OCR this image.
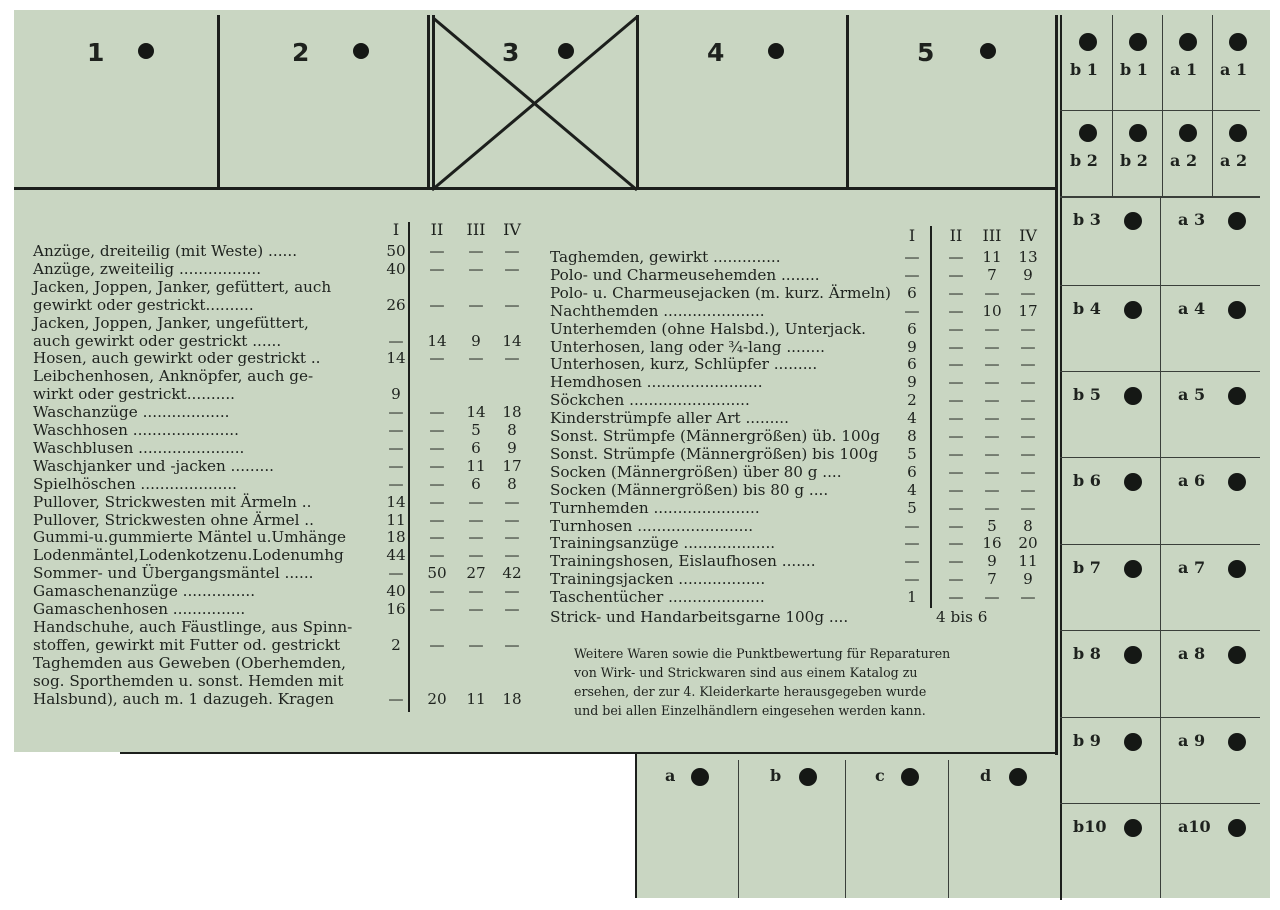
1	2	3	4	5
b 1 b 1 a 1 a 1
b 2 b 2 a 2 a 2
b 3	a 3
b 4	a 4
b 5	a 5
b 6	a 6
b 7	a 7
b 8	a 8
b 9	a 9
b10	a10
a	b	c	d
I	II	III	IV
Anzüge, dreiteilig (mit Weste) ......	50	—	—	—
Anzüge, zweiteilig .................	40	—	—	—
Jacken, Joppen, Janker, gefüttert, auch
gewirkt oder gestrickt..........	26	—	—	—
Jacken, Joppen, Janker, ungefüttert,
auch gewirkt oder gestrickt ......	—	14	9	14
Hosen, auch gewirkt oder gestrickt ..	14	—	—	—
Leibchenhosen, Anknöpfer, auch ge-
wirkt oder gestrickt..........	9
Waschanzüge ..................	—	—	14	18
Waschhosen ......................	—	—	5	8
Waschblusen ......................	—	—	6	9
Waschjanker und -jacken .........	—	—	11	17
Spielhöschen ....................	—	—	6	8
Pullover, Strickwesten mit Ärmeln ..	14	—	—	—
Pullover, Strickwesten ohne Ärmel ..	11	—	—	—
Gummi-u.gummierte Mäntel u.Umhänge	18	—	—	—
Lodenmäntel,Lodenkotzenu.Lodenumhg	44	—	—	—
Sommer- und Übergangsmäntel ......	—	50	27	42
Gamaschenanzüge ...............	40	—	—	—
Gamaschenhosen ...............	16	—	—	—
Handschuhe, auch Fäustlinge, aus Spinn-
stoffen, gewirkt mit Futter od. gestrickt	2	—	—	—
Taghemden aus Geweben (Oberhemden,
sog. Sporthemden u. sonst. Hemden mit
Halsbund), auch m. 1 dazugeh. Kragen	—	20	11	18
I	II	III	IV
Taghemden, gewirkt ..............	—	—	11	13
Polo- und Charmeusehemden ........	—	—	7	9
Polo- u. Charmeusejacken (m. kurz. Ärmeln)	6	—	—	—
Nachthemden .....................	—	—	10	17
Unterhemden (ohne Halsbd.), Unterjack.	6	—	—	—
Unterhosen, lang oder ¾-lang ........	9	—	—	—
Unterhosen, kurz, Schlüpfer .........	6	—	—	—
Hemdhosen ........................	9	—	—	—
Söckchen .........................	2	—	—	—
Kinderstrümpfe aller Art .........	4	—	—	—
Sonst. Strümpfe (Männergrößen) üb. 100g	8	—	—	—
Sonst. Strümpfe (Männergrößen) bis 100g	5	—	—	—
Socken (Männergrößen) über 80 g ....	6	—	—	—
Socken (Männergrößen) bis 80 g ....	4	—	—	—
Turnhemden ......................	5	—	—	—
Turnhosen ........................	—	—	5	8
Trainingsanzüge ...................	—	—	16	20
Trainingshosen, Eislaufhosen .......	—	—	9	11
Trainingsjacken ..................	—	—	7	9
Taschentücher ....................	1	—	—	—
Strick- und Handarbeitsgarne 100g ....	4 bis 6
Weitere Waren sowie die Punktbewertung für Reparaturen
von Wirk- und Strickwaren sind aus einem Katalog zu
ersehen, der zur 4. Kleiderkarte herausgegeben wurde
und bei allen Einzelhändlern eingesehen werden kann.
